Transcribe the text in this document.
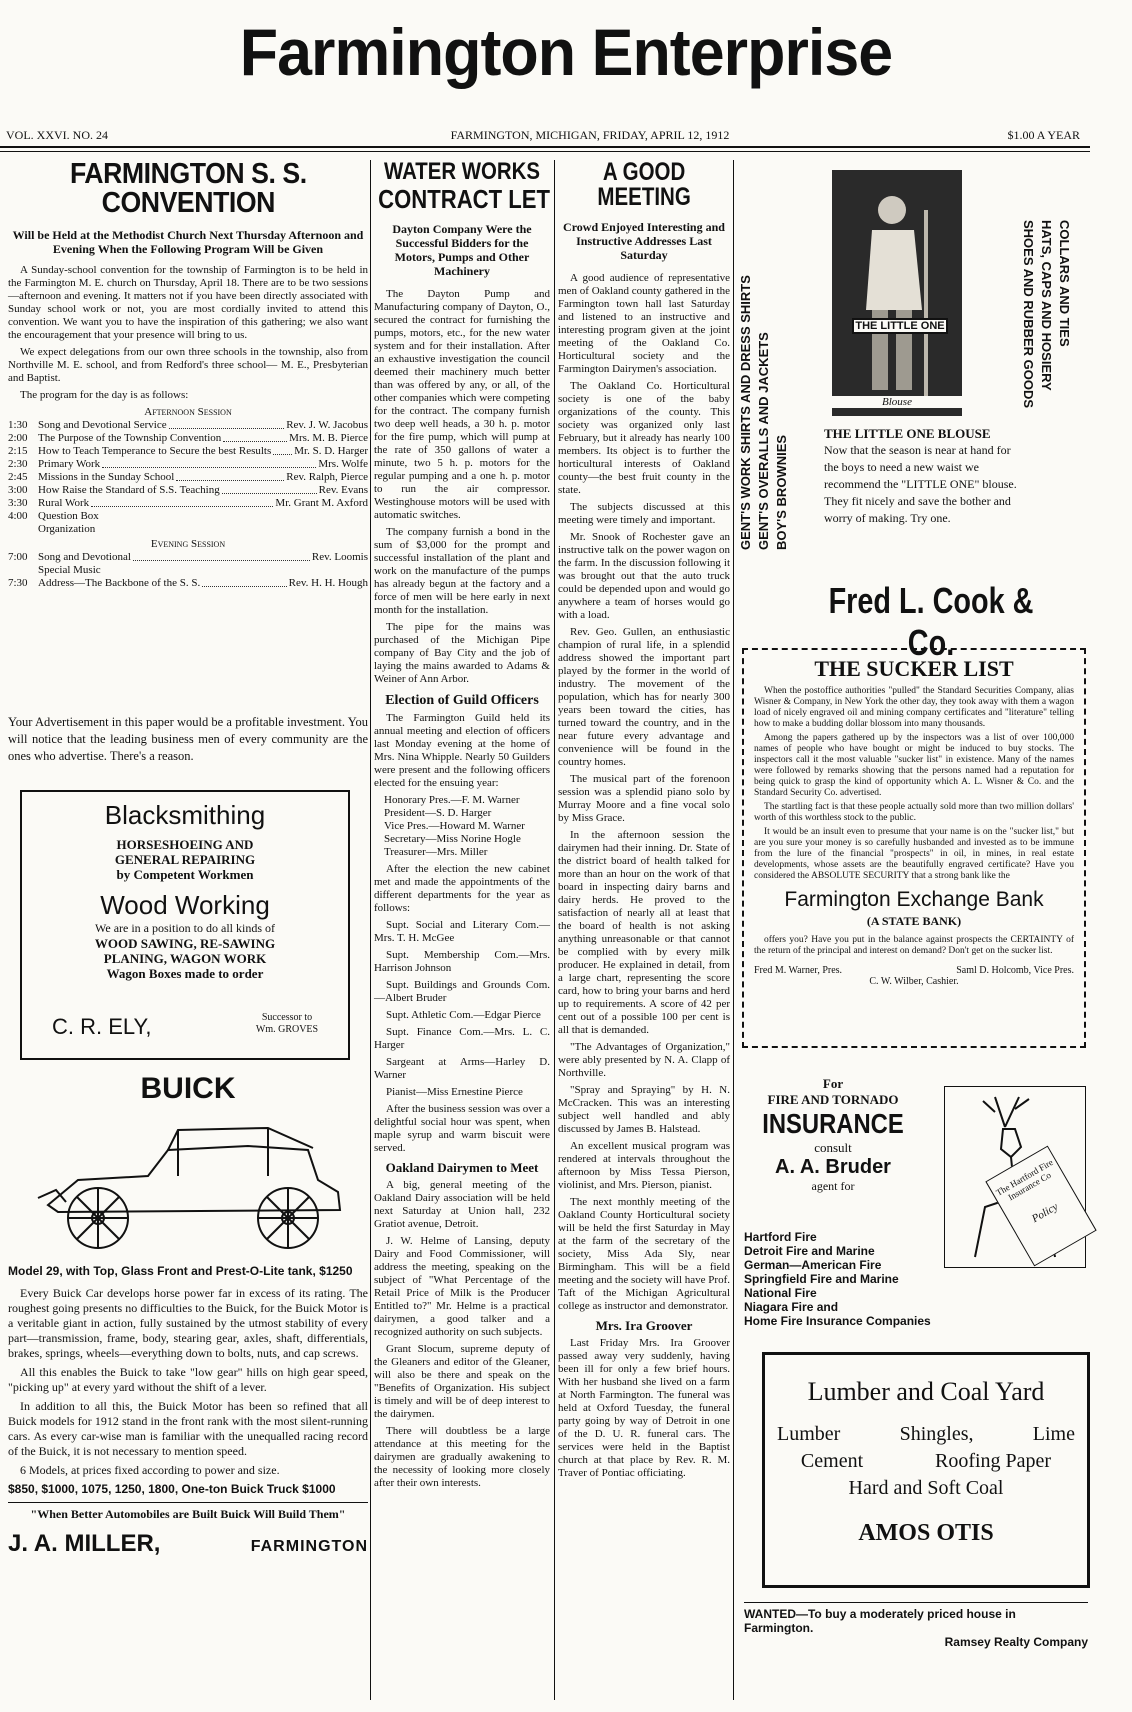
Farmington Enterprise
VOL. XXVI. NO. 24	FARMINGTON, MICHIGAN, FRIDAY, APRIL 12, 1912	$1.00 A YEAR
FARMINGTON S. S. CONVENTION
Will be Held at the Methodist Church Next Thursday Afternoon and Evening When the Following Program Will be Given

A Sunday-school convention for the township of Farmington is to be held in the Farmington M. E. church on Thursday, April 18. There are to be two sessions—afternoon and evening. It matters not if you have been directly associated with Sunday school work or not, you are most cordially invited to attend this convention. We want you to have the inspiration of this gathering; we also want the encouragement that your presence will bring to us.

We expect delegations from our own three schools in the township, also from Northville M. E. school, and from Redford's three school— M. E., Presbyterian and Baptist.

The program for the day is as follows:

Afternoon Session
1:30 Song and Devotional Service	Rev. J. W. Jacobus
2:00 The Purpose of the Township Convention	Mrs. M. B. Pierce
2:15 How to Teach Temperance to Secure the best Results Mr. S. D. Harger
2:30 Primary Work	Mrs. Wolfe
2:45 Missions in the Sunday School	Rev. Ralph, Pierce
3:00 How Raise the Standard of S.S. Teaching	Rev. Evans
3:30 Rural Work	Mr. Grant M. Axford
4:00 Question Box
Organization
Evening Session
7:00 Song and Devotional	Rev. Loomis
Special Music
7:30 Address—The Backbone of the S. S.	Rev. H. H. Hough

Your Advertisement in this paper would be a profitable investment. You will notice that the leading business men of every community are the ones who advertise. There's a reason.

Blacksmithing
HORSESHOEING AND
GENERAL REPAIRING
by Competent Workmen
Wood Working
We are in a position to do all kinds of
WOOD SAWING, RE-SAWING
PLANING, WAGON WORK
Wagon Boxes made to order
C. R. ELY,	Successor to
Wm. GROVES
BUICK
Model 29, with Top, Glass Front and Prest-O-Lite tank, $1250

Every Buick Car develops horse power far in excess of its rating. The roughest going presents no difficulties to the Buick, for the Buick Motor is a veritable giant in action, fully sustained by the utmost stability of every part—transmission, frame, body, stearing gear, axles, shaft, differentials, brakes, springs, wheels—everything down to bolts, nuts, and cap screws.

All this enables the Buick to take "low gear" hills on high gear speed, "picking up" at every yard without the shift of a lever.

In addition to all this, the Buick Motor has been so refined that all Buick models for 1912 stand in the front rank with the most silent-running cars. As every car-wise man is familiar with the unequalled racing record of the Buick, it is not necessary to mention speed.

6 Models, at prices fixed according to power and size.

$850, $1000, 1075, 1250, 1800, One-ton Buick Truck $1000
"When Better Automobiles are Built Buick Will Build Them"
J. A. MILLER,	FARMINGTON
WATER WORKS
CONTRACT LET
Dayton Company Were the Successful Bidders for the Motors, Pumps and Other Machinery

The Dayton Pump and Manufacturing company of Dayton, O., secured the contract for furnishing the pumps, motors, etc., for the new water system and for their installation. After an exhaustive investigation the council deemed their machinery much better than was offered by any, or all, of the other companies which were competing for the contract. The company furnish two deep well heads, a 30 h. p. motor for the fire pump, which will pump at the rate of 350 gallons of water a minute, two 5 h. p. motors for the regular pumping and a one h. p. motor to run the air compressor. Westinghouse motors will be used with automatic switches.

The company furnish a bond in the sum of $3,000 for the prompt and successful installation of the plant and work on the manufacture of the pumps has already begun at the factory and a force of men will be here early in next month for the installation.

The pipe for the mains was purchased of the Michigan Pipe company of Bay City and the job of laying the mains awarded to Adams & Weiner of Ann Arbor.

Election of Guild Officers

The Farmington Guild held its annual meeting and election of officers last Monday evening at the home of Mrs. Nina Whipple. Nearly 50 Guilders were present and the following officers elected for the ensuing year:

Honorary Pres.—F. M. Warner
President—S. D. Harger
Vice Pres.—Howard M. Warner
Secretary—Miss Norine Hogle
Treasurer—Mrs. Miller

After the election the new cabinet met and made the appointments of the different departments for the year as follows:

Supt. Social and Literary Com.—Mrs. T. H. McGee

Supt. Membership Com.—Mrs. Harrison Johnson

Supt. Buildings and Grounds Com.—Albert Bruder

Supt. Athletic Com.—Edgar Pierce

Supt. Finance Com.—Mrs. L. C. Harger

Sargeant at Arms—Harley D. Warner

Pianist—Miss Ernestine Pierce

After the business session was over a delightful social hour was spent, when maple syrup and warm biscuit were served.

Oakland Dairymen to Meet

A big, general meeting of the Oakland Dairy association will be held next Saturday at Union hall, 232 Gratiot avenue, Detroit.

J. W. Helme of Lansing, deputy Dairy and Food Commissioner, will address the meeting, speaking on the subject of "What Percentage of the Retail Price of Milk is the Producer Entitled to?" Mr. Helme is a practical dairymen, a good talker and a recognized authority on such subjects.

Grant Slocum, supreme deputy of the Gleaners and editor of the Gleaner, will also be there and speak on the "Benefits of Organization. His subject is timely and will be of deep interest to the dairymen.

There will doubtless be a large attendance at this meeting for the dairymen are gradually awakening to the necessity of looking more closely after their own interests.

A GOOD MEETING
Crowd Enjoyed Interesting and Instructive Addresses Last Saturday

A good audience of representative men of Oakland county gathered in the Farmington town hall last Saturday and listened to an instructive and interesting program given at the joint meeting of the Oakland Co. Horticultural society and the Farmington Dairymen's association.

The Oakland Co. Horticultural society is one of the baby organizations of the county. This society was organized only last February, but it already has nearly 100 members. Its object is to further the horticultural interests of Oakland county—the best fruit county in the state.

The subjects discussed at this meeting were timely and important.

Mr. Snook of Rochester gave an instructive talk on the power wagon on the farm. In the discussion following it was brought out that the auto truck could be depended upon and would go anywhere a team of horses would go with a load.

Rev. Geo. Gullen, an enthusiastic champion of rural life, in a splendid address showed the important part played by the former in the world of industry. The movement of the population, which has for nearly 300 years been toward the cities, has turned toward the country, and in the near future every advantage and convenience will be found in the country homes.

The musical part of the forenoon session was a splendid piano solo by Murray Moore and a fine vocal solo by Miss Grace.

In the afternoon session the dairymen had their inning. Dr. State of the district board of health talked for more than an hour on the work of that board in inspecting dairy barns and dairy herds. He proved to the satisfaction of nearly all at least that the board of health is not asking anything unreasonable or that cannot be complied with by every milk producer. He explained in detail, from a large chart, representing the score card, how to bring your barns and herd up to requirements. A score of 42 per cent out of a possible 100 per cent is all that is demanded.

"The Advantages of Organization," were ably presented by N. A. Clapp of Northville.

"Spray and Spraying" by H. N. McCracken. This was an interesting subject well handled and ably discussed by James B. Halstead.

An excellent musical program was rendered at intervals throughout the afternoon by Miss Tessa Pierson, violinist, and Mrs. Pierson, pianist.

The next monthly meeting of the Oakland County Horticultural society will be held the first Saturday in May at the farm of the secretary of the society, Miss Ada Sly, near Birmingham. This will be a field meeting and the society will have Prof. Taft of the Michigan Agricultural college as instructor and demonstrator.

Mrs. Ira Groover

Last Friday Mrs. Ira Groover passed away very suddenly, having been ill for only a few brief hours. With her husband she lived on a farm at North Farmington. The funeral was held at Oxford Tuesday, the funeral party going by way of Detroit in one of the D. U. R. funeral cars. The services were held in the Baptist church at that place by Rev. R. M. Traver of Pontiac officiating.

GENT'S WORK SHIRTS AND DRESS SHIRTS GENT'S OVERALLS AND JACKETS BOY'S BROWNIES
THE LITTLE ONE
Blouse	SHOES AND RUBBER GOODS HATS, CAPS AND HOSIERY COLLARS AND TIES
THE LITTLE ONE BLOUSE
Now that the season is near at hand for the boys to need a new waist we recommend the "LITTLE ONE" blouse. They fit nicely and save the bother and worry of making. Try one.
Fred L. Cook & Co.
THE SUCKER LIST

When the postoffice authorities "pulled" the Standard Securities Company, alias Wisner & Company, in New York the other day, they took away with them a wagon load of nicely engraved oil and mining company certificates and "literature" telling how to make a budding dollar blossom into many thousands.

Among the papers gathered up by the inspectors was a list of over 100,000 names of people who have bought or might be induced to buy stocks. The inspectors call it the most valuable "sucker list" in existence. Many of the names were followed by remarks showing that the persons named had a reputation for being quick to grasp the kind of opportunity which A. L. Wisner & Co. and the Standard Security Co. advertised.

The startling fact is that these people actually sold more than two million dollars' worth of this worthless stock to the public.

It would be an insult even to presume that your name is on the "sucker list," but are you sure your money is so carefully husbanded and invested as to be immune from the lure of the financial "prospects" in oil, in mines, in real estate developments, whose assets are the beautifully engraved certificate? Have you considered the ABSOLUTE SECURITY that a strong bank like the

Farmington Exchange Bank
(A STATE BANK)

offers you? Have you put in the balance against prospects the CERTAINTY of the return of the principal and interest on demand? Don't get on the sucker list.

Fred M. Warner, Pres.	Saml D. Holcomb, Vice Pres.
C. W. Wilber, Cashier.
For
FIRE AND TORNADO
INSURANCE
consult
A. A. Bruder
agent for
Hartford Fire
Detroit Fire and Marine
German—American Fire
Springfield Fire and Marine
National Fire
Niagara Fire and
Home Fire Insurance Companies
The Hartford Fire Insurance Co
Policy
Lumber and Coal Yard
Lumber	Shingles,	Lime
Cement	Roofing Paper
Hard and Soft Coal
AMOS OTIS
WANTED—To buy a moderately priced house in Farmington.
Ramsey Realty Company
